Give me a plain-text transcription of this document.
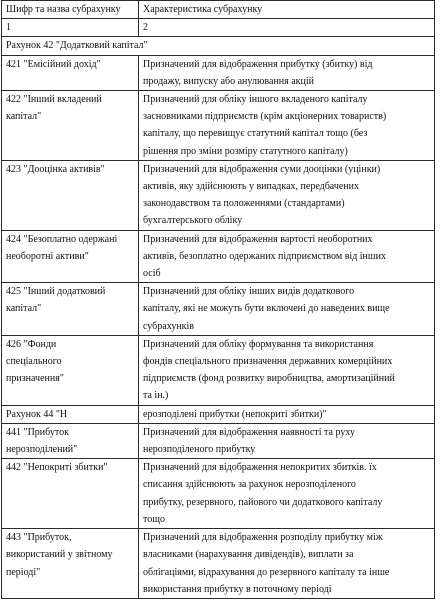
Шифр та назва субрахунку	Характеристика субрахунку
1	2
Рахунок 42 "Додатковий капітал"	

421 "Емісійний дохід"	Призначений для відображення прибутку (збитку) від
продажу, випуску або анулювання акцій

422 "Інший вкладений
капітал"	Призначений для обліку іншого вкладеного капіталу
засновниками підприємств (крім акціонерних товариств)
капіталу, що перевищує статутний капітал тощо (без
рішення про зміни розміру статутного капіталу)

423 "Дооцінка активів"	Призначений для відображення суми дооцінки (уцінки)
активів, яку здійснюють у випадках, передбачених
законодавством та положеннями (стандартами)
бухгалтерського обліку

424 "Безоплатно одержані
необоротні активи"	Призначений для відображення вартості необоротних
активів, безоплатно одержаних підприємством від інших
осіб

425 "Інший додатковий
капітал"	Призначений для обліку інших видів додаткового
капіталу, які не можуть бути включені до наведених вище
субрахунків

426 "Фонди
спеціального
призначення"	Призначений для обліку формування та використання
фондів спеціального призначення державних комерційних
підприємств (фонд розвитку виробництва, амортизаційний
та ін.)

Рахунок 44 "Н	ерозподілені прибутки (непокриті збитки)"

441 "Прибуток
нерозподілений"	Призначений для відображення наявності та руху
нерозподіленого прибутку

442 "Непокриті збитки"	Призначений для відображення непокритих збитків. їх
списання здійснюють за рахунок нерозподіленого
прибутку, резервного, пайового чи додаткового капіталу
тощо

443 "Прибуток,
використаний у звітному
періоді"	Призначений для відображення розподілу прибутку між
власниками (нарахування дивідендів), виплати за
облігаціями, відрахування до резервного капіталу та інше
використання прибутку в поточному періоді
